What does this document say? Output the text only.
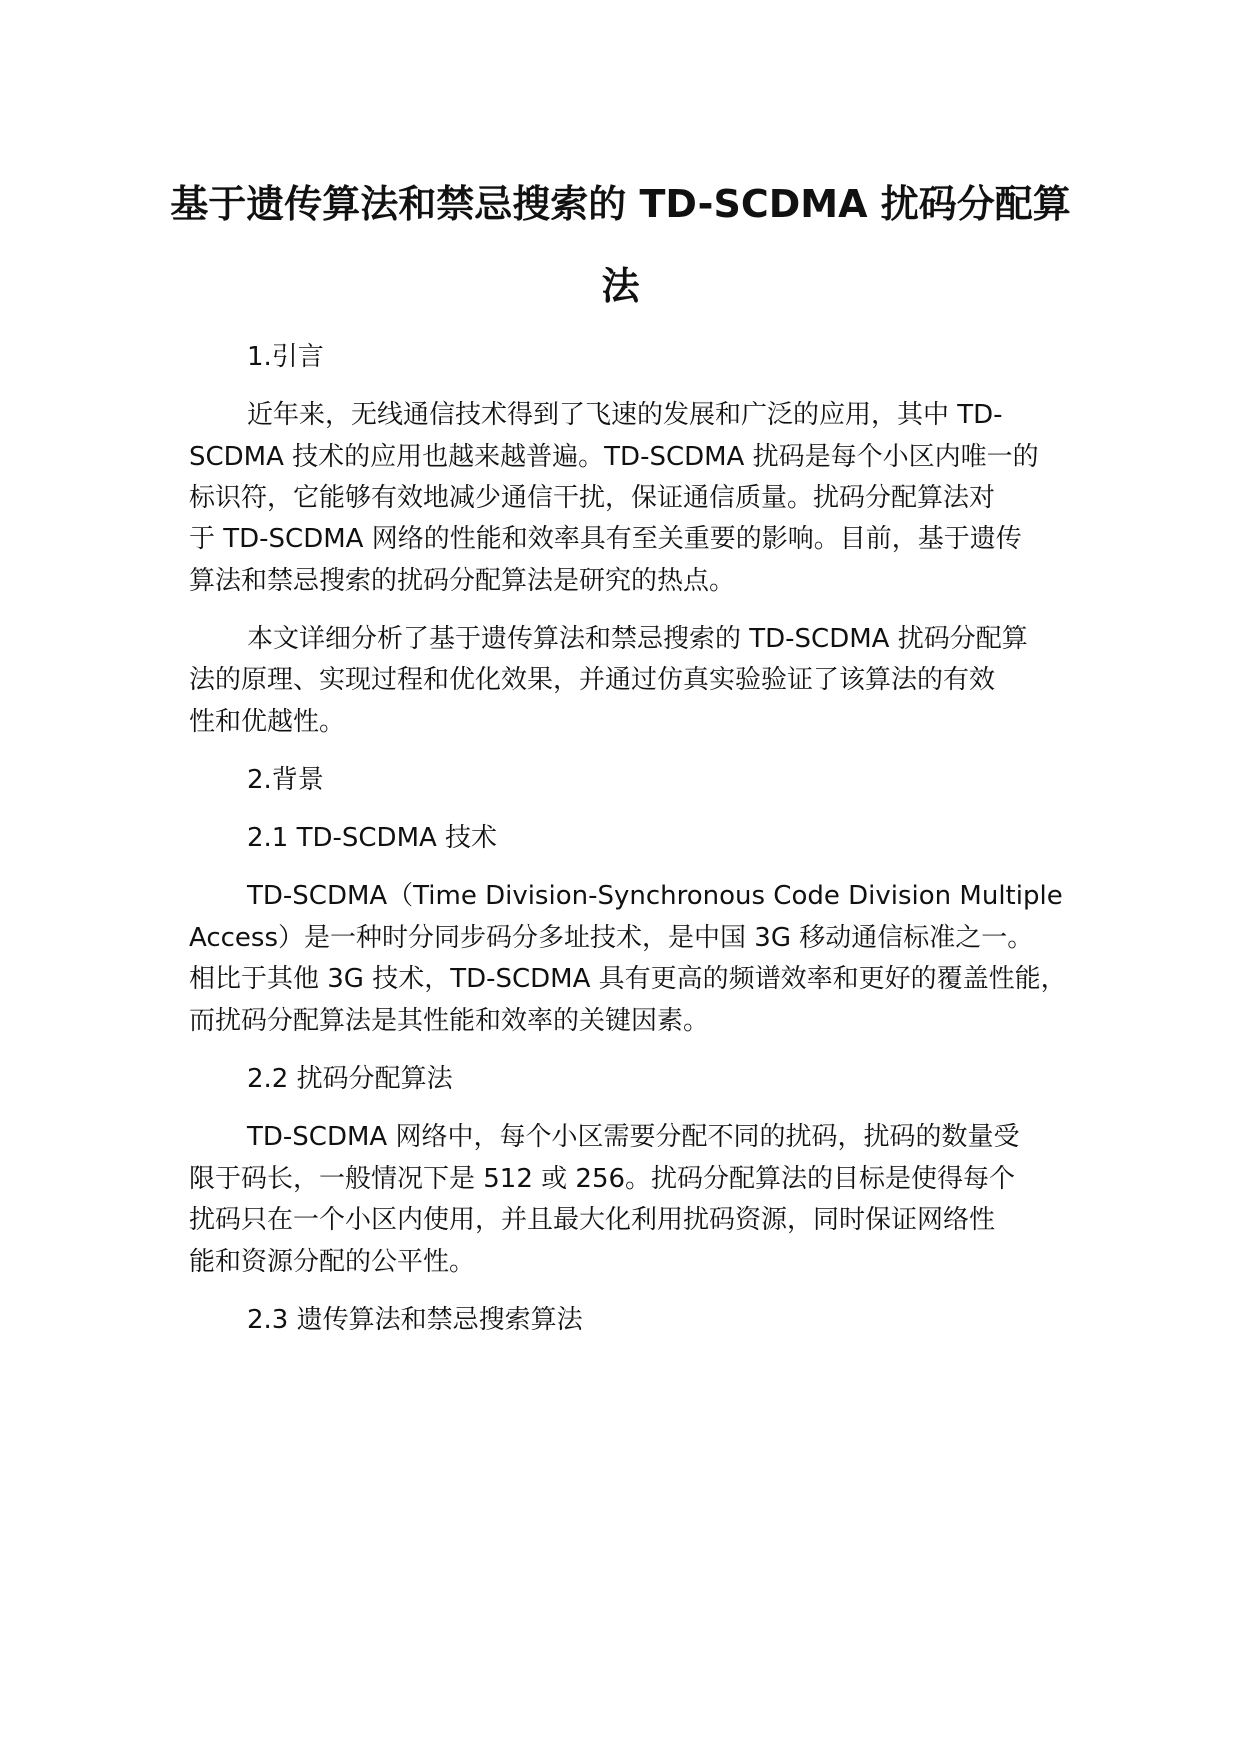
基于遗传算法和禁忌搜索的 TD-SCDMA 扰码分配算
法

1.引言

近年来，无线通信技术得到了飞速的发展和广泛的应用，其中 TD-

SCDMA 技术的应用也越来越普遍。TD-SCDMA 扰码是每个小区内唯一的

标识符，它能够有效地减少通信干扰，保证通信质量。扰码分配算法对

于 TD-SCDMA 网络的性能和效率具有至关重要的影响。目前，基于遗传

算法和禁忌搜索的扰码分配算法是研究的热点。

本文详细分析了基于遗传算法和禁忌搜索的 TD-SCDMA 扰码分配算

法的原理、实现过程和优化效果，并通过仿真实验验证了该算法的有效

性和优越性。

2.背景

2.1 TD-SCDMA 技术

TD-SCDMA（Time Division-Synchronous Code Division Multiple

Access）是一种时分同步码分多址技术，是中国 3G 移动通信标准之一。

相比于其他 3G 技术，TD-SCDMA 具有更高的频谱效率和更好的覆盖性能，

而扰码分配算法是其性能和效率的关键因素。

2.2 扰码分配算法

TD-SCDMA 网络中，每个小区需要分配不同的扰码，扰码的数量受

限于码长，一般情况下是 512 或 256。扰码分配算法的目标是使得每个

扰码只在一个小区内使用，并且最大化利用扰码资源，同时保证网络性

能和资源分配的公平性。

2.3 遗传算法和禁忌搜索算法
